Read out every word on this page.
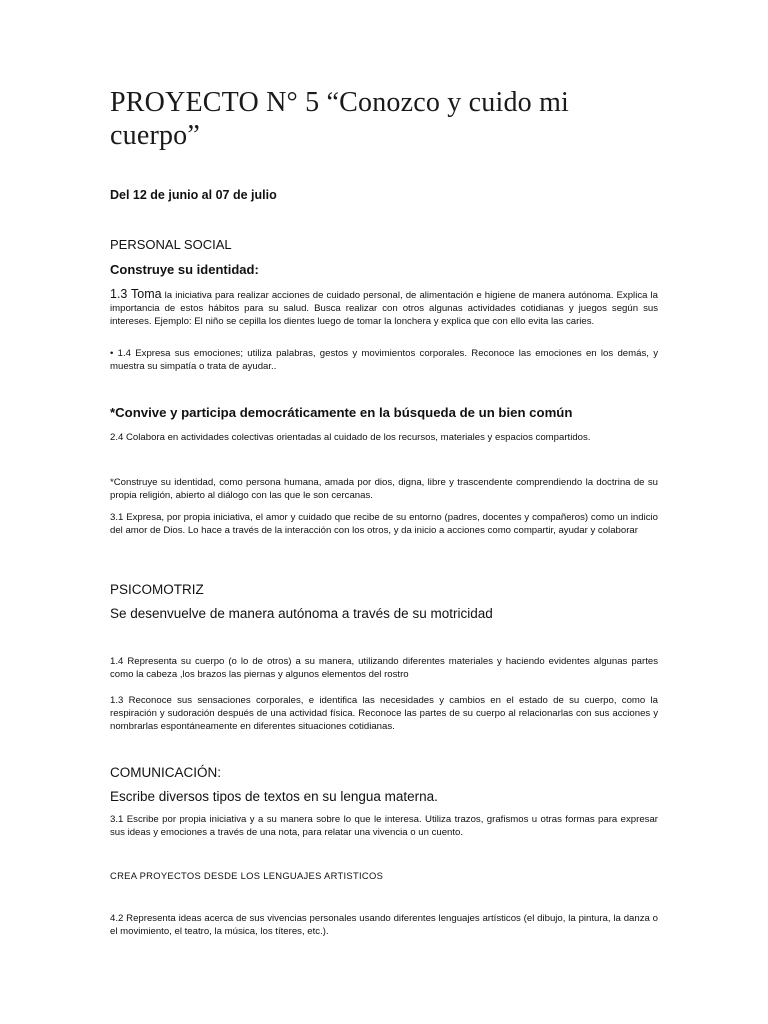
PROYECTO N° 5 “Conozco y cuido mi cuerpo”
Del 12 de junio al 07 de julio
PERSONAL SOCIAL
Construye su identidad:
1.3 Toma la iniciativa para realizar acciones de cuidado personal, de alimentación e higiene de manera autónoma. Explica la importancia de estos hábitos para su salud. Busca realizar con otros algunas actividades cotidianas y juegos según sus intereses. Ejemplo: El niño se cepilla los dientes luego de tomar la lonchera y explica que con ello evita las caries.
• 1.4 Expresa sus emociones; utiliza palabras, gestos y movimientos corporales. Reconoce las emociones en los demás, y muestra su simpatía o trata de ayudar..
*Convive y participa democráticamente en la búsqueda de un bien común
2.4 Colabora en actividades colectivas orientadas al cuidado de los recursos, materiales y espacios compartidos.
*Construye su identidad, como persona humana, amada por dios, digna, libre y trascendente comprendiendo la doctrina de su propia religión, abierto al diálogo con las que le son cercanas.
3.1 Expresa, por propia iniciativa, el amor y cuidado que recibe de su entorno (padres, docentes y compañeros) como un indicio del amor de Dios. Lo hace a través de la interacción con los otros, y da inicio a acciones como compartir, ayudar y colaborar
PSICOMOTRIZ
Se desenvuelve de manera autónoma a través de su motricidad
1.4 Representa su cuerpo (o lo de otros) a su manera, utilizando diferentes materiales y haciendo evidentes algunas partes como la cabeza ,los brazos las piernas y algunos elementos del rostro
1.3 Reconoce sus sensaciones corporales, e identifica las necesidades y cambios en el estado de su cuerpo, como la respiración y sudoración después de una actividad física. Reconoce las partes de su cuerpo al relacionarlas con sus acciones y nombrarlas espontáneamente en diferentes situaciones cotidianas.
COMUNICACIÓN:
Escribe diversos tipos de textos en su lengua materna.
3.1 Escribe por propia iniciativa y a su manera sobre lo que le interesa. Utiliza trazos, grafismos u otras formas para expresar sus ideas y emociones a través de una nota, para relatar una vivencia o un cuento.
CREA PROYECTOS DESDE LOS LENGUAJES ARTISTICOS
4.2 Representa ideas acerca de sus vivencias personales usando diferentes lenguajes artísticos (el dibujo, la pintura, la danza o el movimiento, el teatro, la música, los títeres, etc.).
